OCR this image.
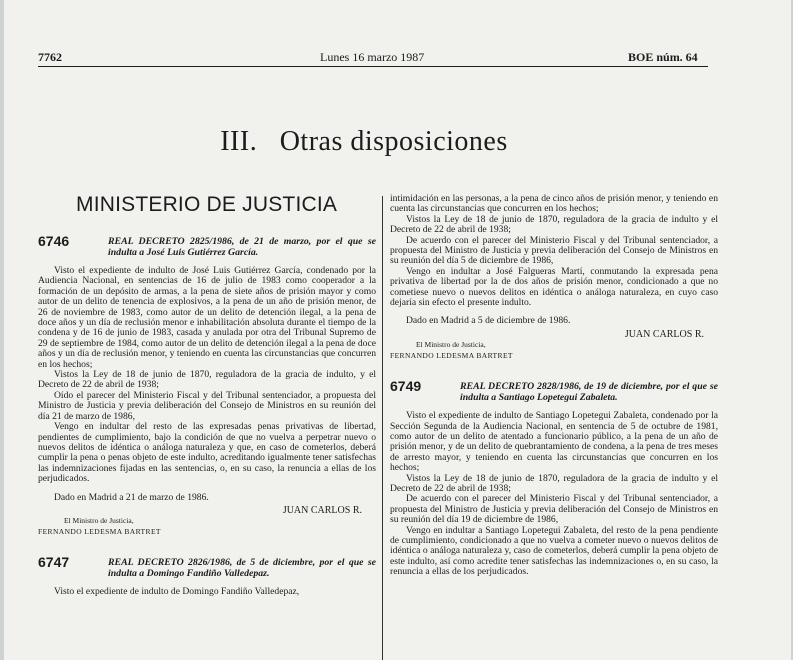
7762	Lunes 16 marzo 1987	BOE núm. 64
III.   Otras disposiciones
MINISTERIO DE JUSTICIA
6746	REAL DECRETO 2825/1986, de 21 de marzo, por el que se indulta a José Luis Gutiérrez García.

Visto el expediente de indulto de José Luis Gutiérrez García, condenado por la Audiencia Nacional, en sentencias de 16 de julio de 1983 como cooperador a la formación de un depósito de armas, a la pena de siete años de prisión mayor y como autor de un delito de tenencia de explosivos, a la pena de un año de prisión menor, de 26 de noviembre de 1983, como autor de un delito de detención ilegal, a la pena de doce años y un día de reclusión menor e inhabilitación absoluta durante el tiempo de la condena y de 16 de junio de 1983, casada y anulada por otra del Tribunal Supremo de 29 de septiembre de 1984, como autor de un delito de detención ilegal a la pena de doce años y un día de reclusión menor, y teniendo en cuenta las circunstancias que concurren en los hechos;

Vistos la Ley de 18 de junio de 1870, reguladora de la gracia de indulto, y el Decreto de 22 de abril de 1938;

Oído el parecer del Ministerio Fiscal y del Tribunal sentenciador, a propuesta del Ministro de Justicia y previa deliberación del Consejo de Ministros en su reunión del día 21 de marzo de 1986,

Vengo en indultar del resto de las expresadas penas privativas de libertad, pendientes de cumplimiento, bajo la condición de que no vuelva a perpetrar nuevo o nuevos delitos de idéntica o análoga naturaleza y que, en caso de cometerlos, deberá cumplir la pena o penas objeto de este indulto, acreditando igualmente tener satisfechas las indemnizaciones fijadas en las sentencias, o, en su caso, la renuncia a ellas de los perjudicados.

Dado en Madrid a 21 de marzo de 1986.

JUAN CARLOS R.

El Ministro de Justicia,

FERNANDO LEDESMA BARTRET

6747	REAL DECRETO 2826/1986, de 5 de diciembre, por el que se indulta a Domingo Fandiño Valledepaz.

Visto el expediente de indulto de Domingo Fandiño Valledepaz,

intimidación en las personas, a la pena de cinco años de prisión menor, y teniendo en cuenta las circunstancias que concurren en los hechos;

Vistos la Ley de 18 de junio de 1870, reguladora de la gracia de indulto y el Decreto de 22 de abril de 1938;

De acuerdo con el parecer del Ministerio Fiscal y del Tribunal sentenciador, a propuesta del Ministro de Justicia y previa deliberación del Consejo de Ministros en su reunión del día 5 de diciembre de 1986,

Vengo en indultar a José Falgueras Martí, conmutando la expresada pena privativa de libertad por la de dos años de prisión menor, condicionado a que no cometiese nuevo o nuevos delitos en idéntica o análoga naturaleza, en cuyo caso dejaría sin efecto el presente indulto.

Dado en Madrid a 5 de diciembre de 1986.

JUAN CARLOS R.

El Ministro de Justicia,

FERNANDO LEDESMA BARTRET

6749	REAL DECRETO 2828/1986, de 19 de diciembre, por el que se indulta a Santiago Lopetegui Zabaleta.

Visto el expediente de indulto de Santiago Lopetegui Zabaleta, condenado por la Sección Segunda de la Audiencia Nacional, en sentencia de 5 de octubre de 1981, como autor de un delito de atentado a funcionario público, a la pena de un año de prisión menor, y de un delito de quebrantamiento de condena, a la pena de tres meses de arresto mayor, y teniendo en cuenta las circunstancias que concurren en los hechos;

Vistos la Ley de 18 de junio de 1870, reguladora de la gracia de indulto y el Decreto de 22 de abril de 1938;

De acuerdo con el parecer del Ministerio Fiscal y del Tribunal sentenciador, a propuesta del Ministro de Justicia y previa deliberación del Consejo de Ministros en su reunión del día 19 de diciembre de 1986,

Vengo en indultar a Santiago Lopetegui Zabaleta, del resto de la pena pendiente de cumplimiento, condicionado a que no vuelva a cometer nuevo o nuevos delitos de idéntica o análoga naturaleza y, caso de cometerlos, deberá cumplir la pena objeto de este indulto, así como acredite tener satisfechas las indemnizaciones o, en su caso, la renuncia a ellas de los perjudicados.
